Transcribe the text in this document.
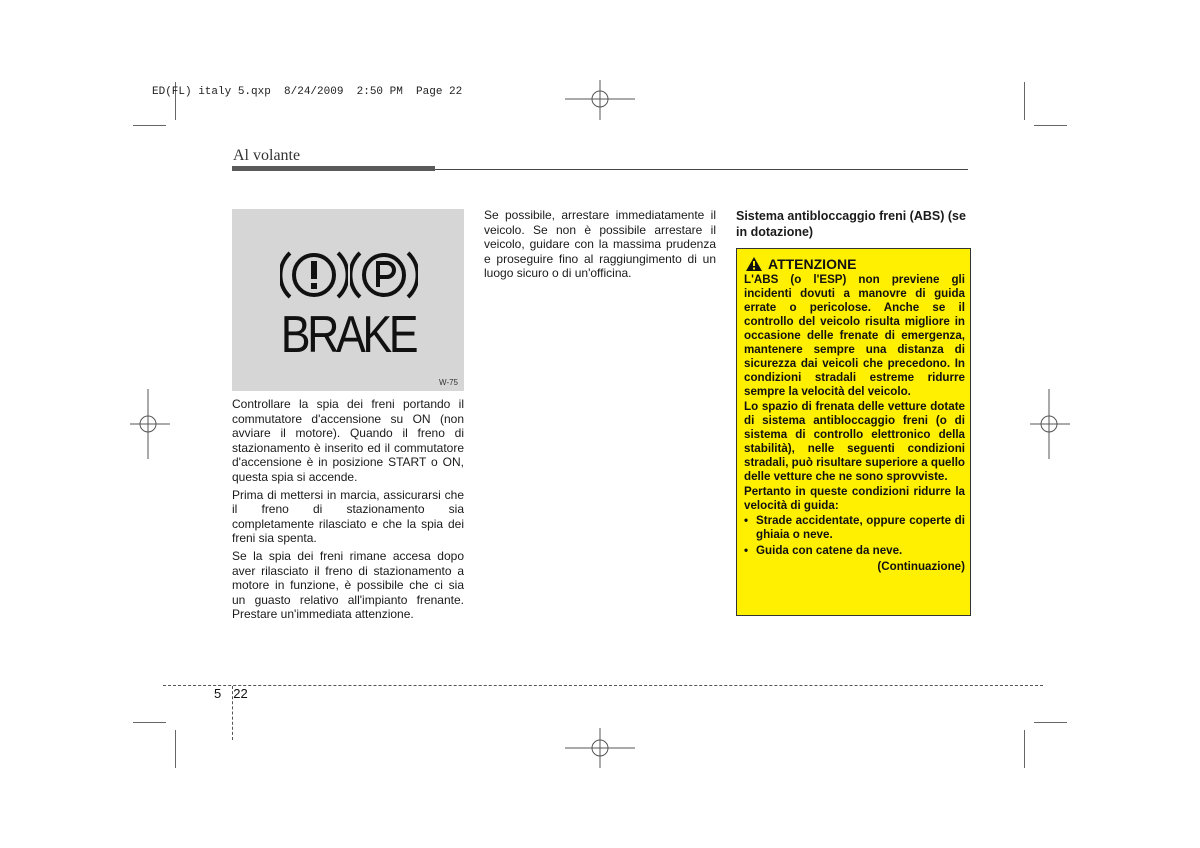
ED(FL) italy 5.qxp  8/24/2009  2:50 PM  Page 22
Al volante
BRAKE
W-75

Controllare la spia dei freni portando il commutatore d'accensione su ON (non avviare il motore). Quando il freno di stazionamento è inserito ed il commutatore d'accensione è in posizione START o ON, questa spia si accende.

Prima di mettersi in marcia, assicurarsi che il freno di stazionamento sia completamente rilasciato e che la spia dei freni sia spenta.

Se la spia dei freni rimane accesa dopo aver rilasciato il freno di stazionamento a motore in funzione, è possibile che ci sia un guasto relativo all'impianto frenante. Prestare un'immediata attenzione.

Se possibile, arrestare immediatamente il veicolo. Se non è possibile arrestare il veicolo, guidare con la massima prudenza e proseguire fino al raggiungimento di un luogo sicuro o di un'officina.

Sistema antibloccaggio freni (ABS) (se in dotazione)
ATTENZIONE

L'ABS (o l'ESP) non previene gli incidenti dovuti a manovre di guida errate o pericolose. Anche se il controllo del veicolo risulta migliore in occasione delle frenate di emergenza, mantenere sempre una distanza di sicurezza dai veicoli che precedono. In condizioni stradali estreme ridurre sempre la velocità del veicolo.

Lo spazio di frenata delle vetture dotate di sistema antibloccaggio freni (o di sistema di controllo elettronico della stabilità), nelle seguenti condizioni stradali, può risultare superiore a quello delle vetture che ne sono sprovviste.

Pertanto in queste condizioni ridurre la velocità di guida:

• Strade accidentate, oppure coperte di ghiaia o neve.
• Guida con catene da neve.
(Continuazione)
5 22
